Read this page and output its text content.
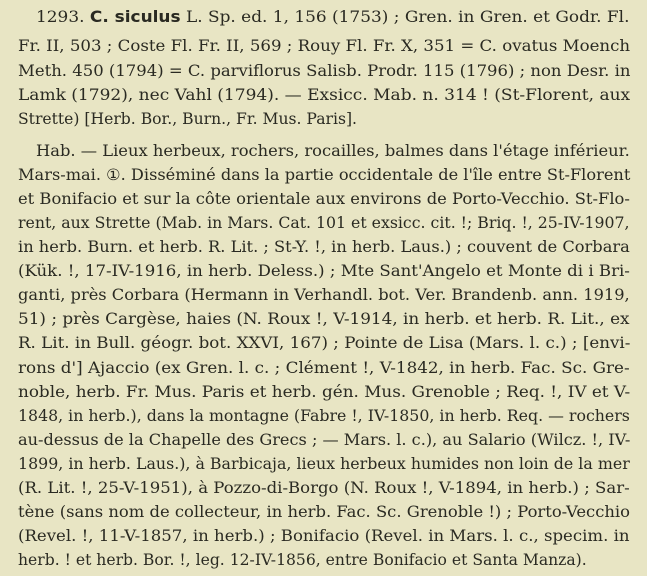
1293. C. siculus L. Sp. ed. 1, 156 (1753) ; Gren. in Gren. et Godr. Fl.
Fr. II, 503 ; Coste Fl. Fr. II, 569 ; Rouy Fl. Fr. X, 351 = C. ovatus Moench
Meth. 450 (1794) = C. parviflorus Salisb. Prodr. 115 (1796) ; non Desr. in
Lamk (1792), nec Vahl (1794). — Exsicc. Mab. n. 314 ! (St-Florent, aux
Strette) [Herb. Bor., Burn., Fr. Mus. Paris].
Hab. — Lieux herbeux, rochers, rocailles, balmes dans l'étage inférieur.
Mars-mai. ①. Disséminé dans la partie occidentale de l'île entre St-Florent
et Bonifacio et sur la côte orientale aux environs de Porto-Vecchio. St-Flo-
rent, aux Strette (Mab. in Mars. Cat. 101 et exsicc. cit. !; Briq. !, 25-IV-1907,
in herb. Burn. et herb. R. Lit. ; St-Y. !, in herb. Laus.) ; couvent de Corbara
(Kük. !, 17-IV-1916, in herb. Deless.) ; Mte Sant'Angelo et Monte di i Bri-
ganti, près Corbara (Hermann in Verhandl. bot. Ver. Brandenb. ann. 1919,
51) ; près Cargèse, haies (N. Roux !, V-1914, in herb. et herb. R. Lit., ex
R. Lit. in Bull. géogr. bot. XXVI, 167) ; Pointe de Lisa (Mars. l. c.) ; [envi-
rons d'] Ajaccio (ex Gren. l. c. ; Clément !, V-1842, in herb. Fac. Sc. Gre-
noble, herb. Fr. Mus. Paris et herb. gén. Mus. Grenoble ; Req. !, IV et V-
1848, in herb.), dans la montagne (Fabre !, IV-1850, in herb. Req. — rochers
au-dessus de la Chapelle des Grecs ; — Mars. l. c.), au Salario (Wilcz. !, IV-
1899, in herb. Laus.), à Barbicaja, lieux herbeux humides non loin de la mer
(R. Lit. !, 25-V-1951), à Pozzo-di-Borgo (N. Roux !, V-1894, in herb.) ; Sar-
tène (sans nom de collecteur, in herb. Fac. Sc. Grenoble !) ; Porto-Vecchio
(Revel. !, 11-V-1857, in herb.) ; Bonifacio (Revel. in Mars. l. c., specim. in
herb. ! et herb. Bor. !, leg. 12-IV-1856, entre Bonifacio et Santa Manza).
